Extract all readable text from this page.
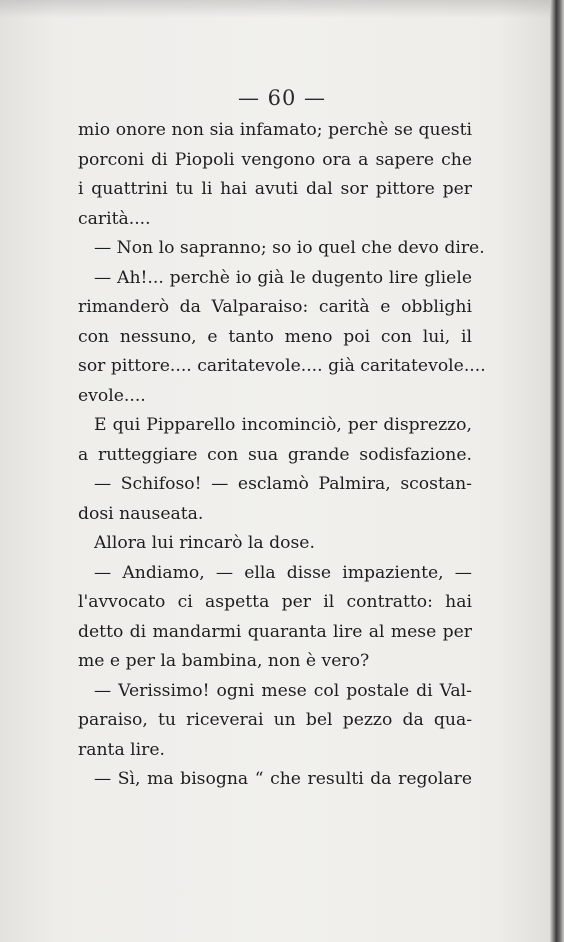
— 60 —
mio onore non sia infamato; perchè se questi
porconi di Piopoli vengono ora a sapere che
i quattrini tu li hai avuti dal sor pittore per
carità....
— Non lo sapranno; so io quel che devo dire.
— Ah!... perchè io già le dugento lire gliele
rimanderò da Valparaiso: carità e obblighi
con nessuno, e tanto meno poi con lui, il
sor pittore.... caritatevole.... già caritatevole....
evole....
E qui Pipparello incominciò, per disprezzo,
a ruttеggiare con sua grande sodisfazione.
— Schifoso! — esclamò Palmira, scostan-
dosi nauseata.
Allora lui rincarò la dose.
— Andiamo, — ella disse impaziente, —
l'avvocato ci aspetta per il contratto: hai
detto di mandarmi quaranta lire al mese per
me e per la bambina, non è vero?
— Verissimo! ogni mese col postale di Val-
paraiso, tu riceverai un bel pezzo da qua-
ranta lire.
— Sì, ma bisogna “ che resulti da regolare
